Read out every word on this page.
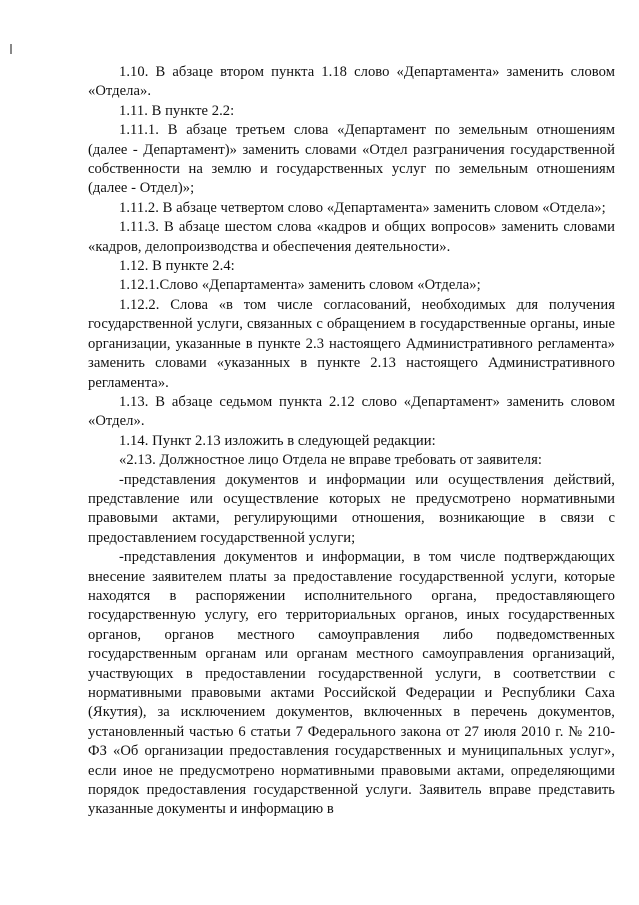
1.10. В абзаце втором пункта 1.18 слово «Департамента» заменить словом «Отдела».

1.11. В пункте 2.2:

1.11.1. В абзаце третьем слова «Департамент по земельным отношениям (далее - Департамент)» заменить словами «Отдел разграничения государственной собственности на землю и государственных услуг по земельным отношениям (далее - Отдел)»;

1.11.2. В абзаце четвертом слово «Департамента» заменить словом «Отдела»;

1.11.3. В абзаце шестом слова «кадров и общих вопросов» заменить словами «кадров, делопроизводства и обеспечения деятельности».

1.12. В пункте 2.4:

1.12.1.Слово «Департамента» заменить словом «Отдела»;

1.12.2. Слова «в том числе согласований, необходимых для получения государственной услуги, связанных с обращением в государственные органы, иные организации, указанные в пункте 2.3 настоящего Административного регламента» заменить словами «указанных в пункте 2.13 настоящего Административного регламента».

1.13. В абзаце седьмом пункта 2.12 слово «Департамент» заменить словом «Отдел».

1.14. Пункт 2.13 изложить в следующей редакции:

«2.13. Должностное лицо Отдела не вправе требовать от заявителя:

-представления документов и информации или осуществления действий, представление или осуществление которых не предусмотрено нормативными правовыми актами, регулирующими отношения, возникающие в связи с предоставлением государственной услуги;

-представления документов и информации, в том числе подтверждающих внесение заявителем платы за предоставление государственной услуги, которые находятся в распоряжении исполнительного органа, предоставляющего государственную услугу, его территориальных органов, иных государственных органов, органов местного самоуправления либо подведомственных государственным органам или органам местного самоуправления организаций, участвующих в предоставлении государственной услуги, в соответствии с нормативными правовыми актами Российской Федерации и Республики Саха (Якутия), за исключением документов, включенных в перечень документов, установленный частью 6 статьи 7 Федерального закона от 27 июля 2010 г. № 210-ФЗ «Об организации предоставления государственных и муниципальных услуг», если иное не предусмотрено нормативными правовыми актами, определяющими порядок предоставления государственной услуги. Заявитель вправе представить указанные документы и информацию в
